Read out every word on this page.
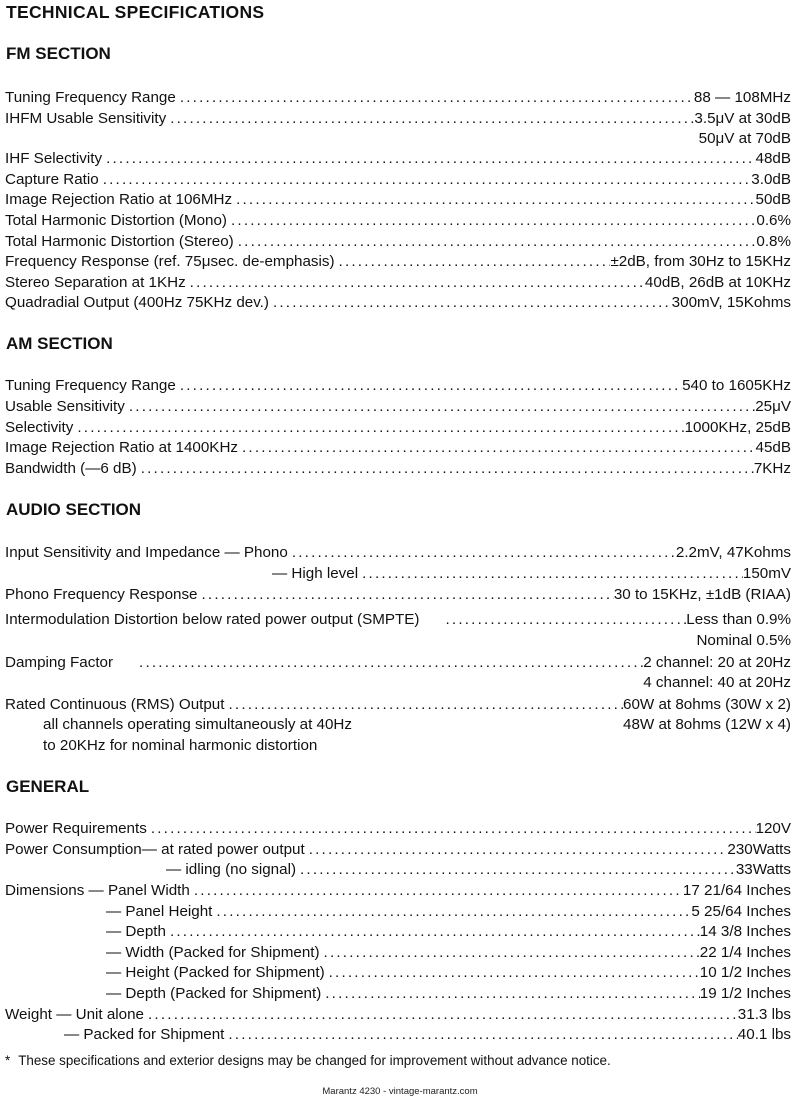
TECHNICAL SPECIFICATIONS
FM SECTION
Tuning Frequency Range .....	88 — 108MHz
IHFM Usable Sensitivity .....	3.5μV at 30dB
50μV at 70dB
IHF Selectivity .....	48dB
Capture Ratio .....	3.0dB
Image Rejection Ratio at 106MHz .....	50dB
Total Harmonic Distortion (Mono) .....	0.6%
Total Harmonic Distortion (Stereo) .....	0.8%
Frequency Response (ref. 75μsec. de-emphasis) .....	±2dB, from 30Hz to 15KHz
Stereo Separation at 1KHz .....	40dB, 26dB at 10KHz
Quadradial Output (400Hz 75KHz dev.) .....	300mV, 15Kohms
AM SECTION
Tuning Frequency Range .....	540 to 1605KHz
Usable Sensitivity .....	25μV
Selectivity .....	1000KHz, 25dB
Image Rejection Ratio at 1400KHz .....	45dB
Bandwidth (—6 dB) .....	7KHz
AUDIO SECTION
Input Sensitivity and Impedance — Phono .....	2.2mV, 47Kohms
— High level .....	150mV
Phono Frequency Response .....	30 to 15KHz, ±1dB (RIAA)
Intermodulation Distortion below rated power output (SMPTE) .....	Less than 0.9%
Nominal 0.5%
Damping Factor .....	2 channel: 20 at 20Hz
4 channel: 40 at 20Hz
Rated Continuous (RMS) Output .....	60W at 8ohms (30W x 2)
all channels operating simultaneously at 40Hz	48W at 8ohms (12W x 4)
to 20KHz for nominal harmonic distortion
GENERAL
Power Requirements .....	120V
Power Consumption— at rated power output .....	230Watts
— idling (no signal) .....	33Watts
Dimensions — Panel Width .....	17 21/64 Inches
— Panel Height .....	5 25/64 Inches
— Depth .....	14 3/8 Inches
— Width (Packed for Shipment) .....	22 1/4 Inches
— Height (Packed for Shipment) .....	10 1/2 Inches
— Depth (Packed for Shipment) .....	19 1/2 Inches
Weight — Unit alone .....	31.3 lbs
— Packed for Shipment .....	40.1 lbs
* These specifications and exterior designs may be changed for improvement without advance notice.
Marantz 4230 - vintage-marantz.com
